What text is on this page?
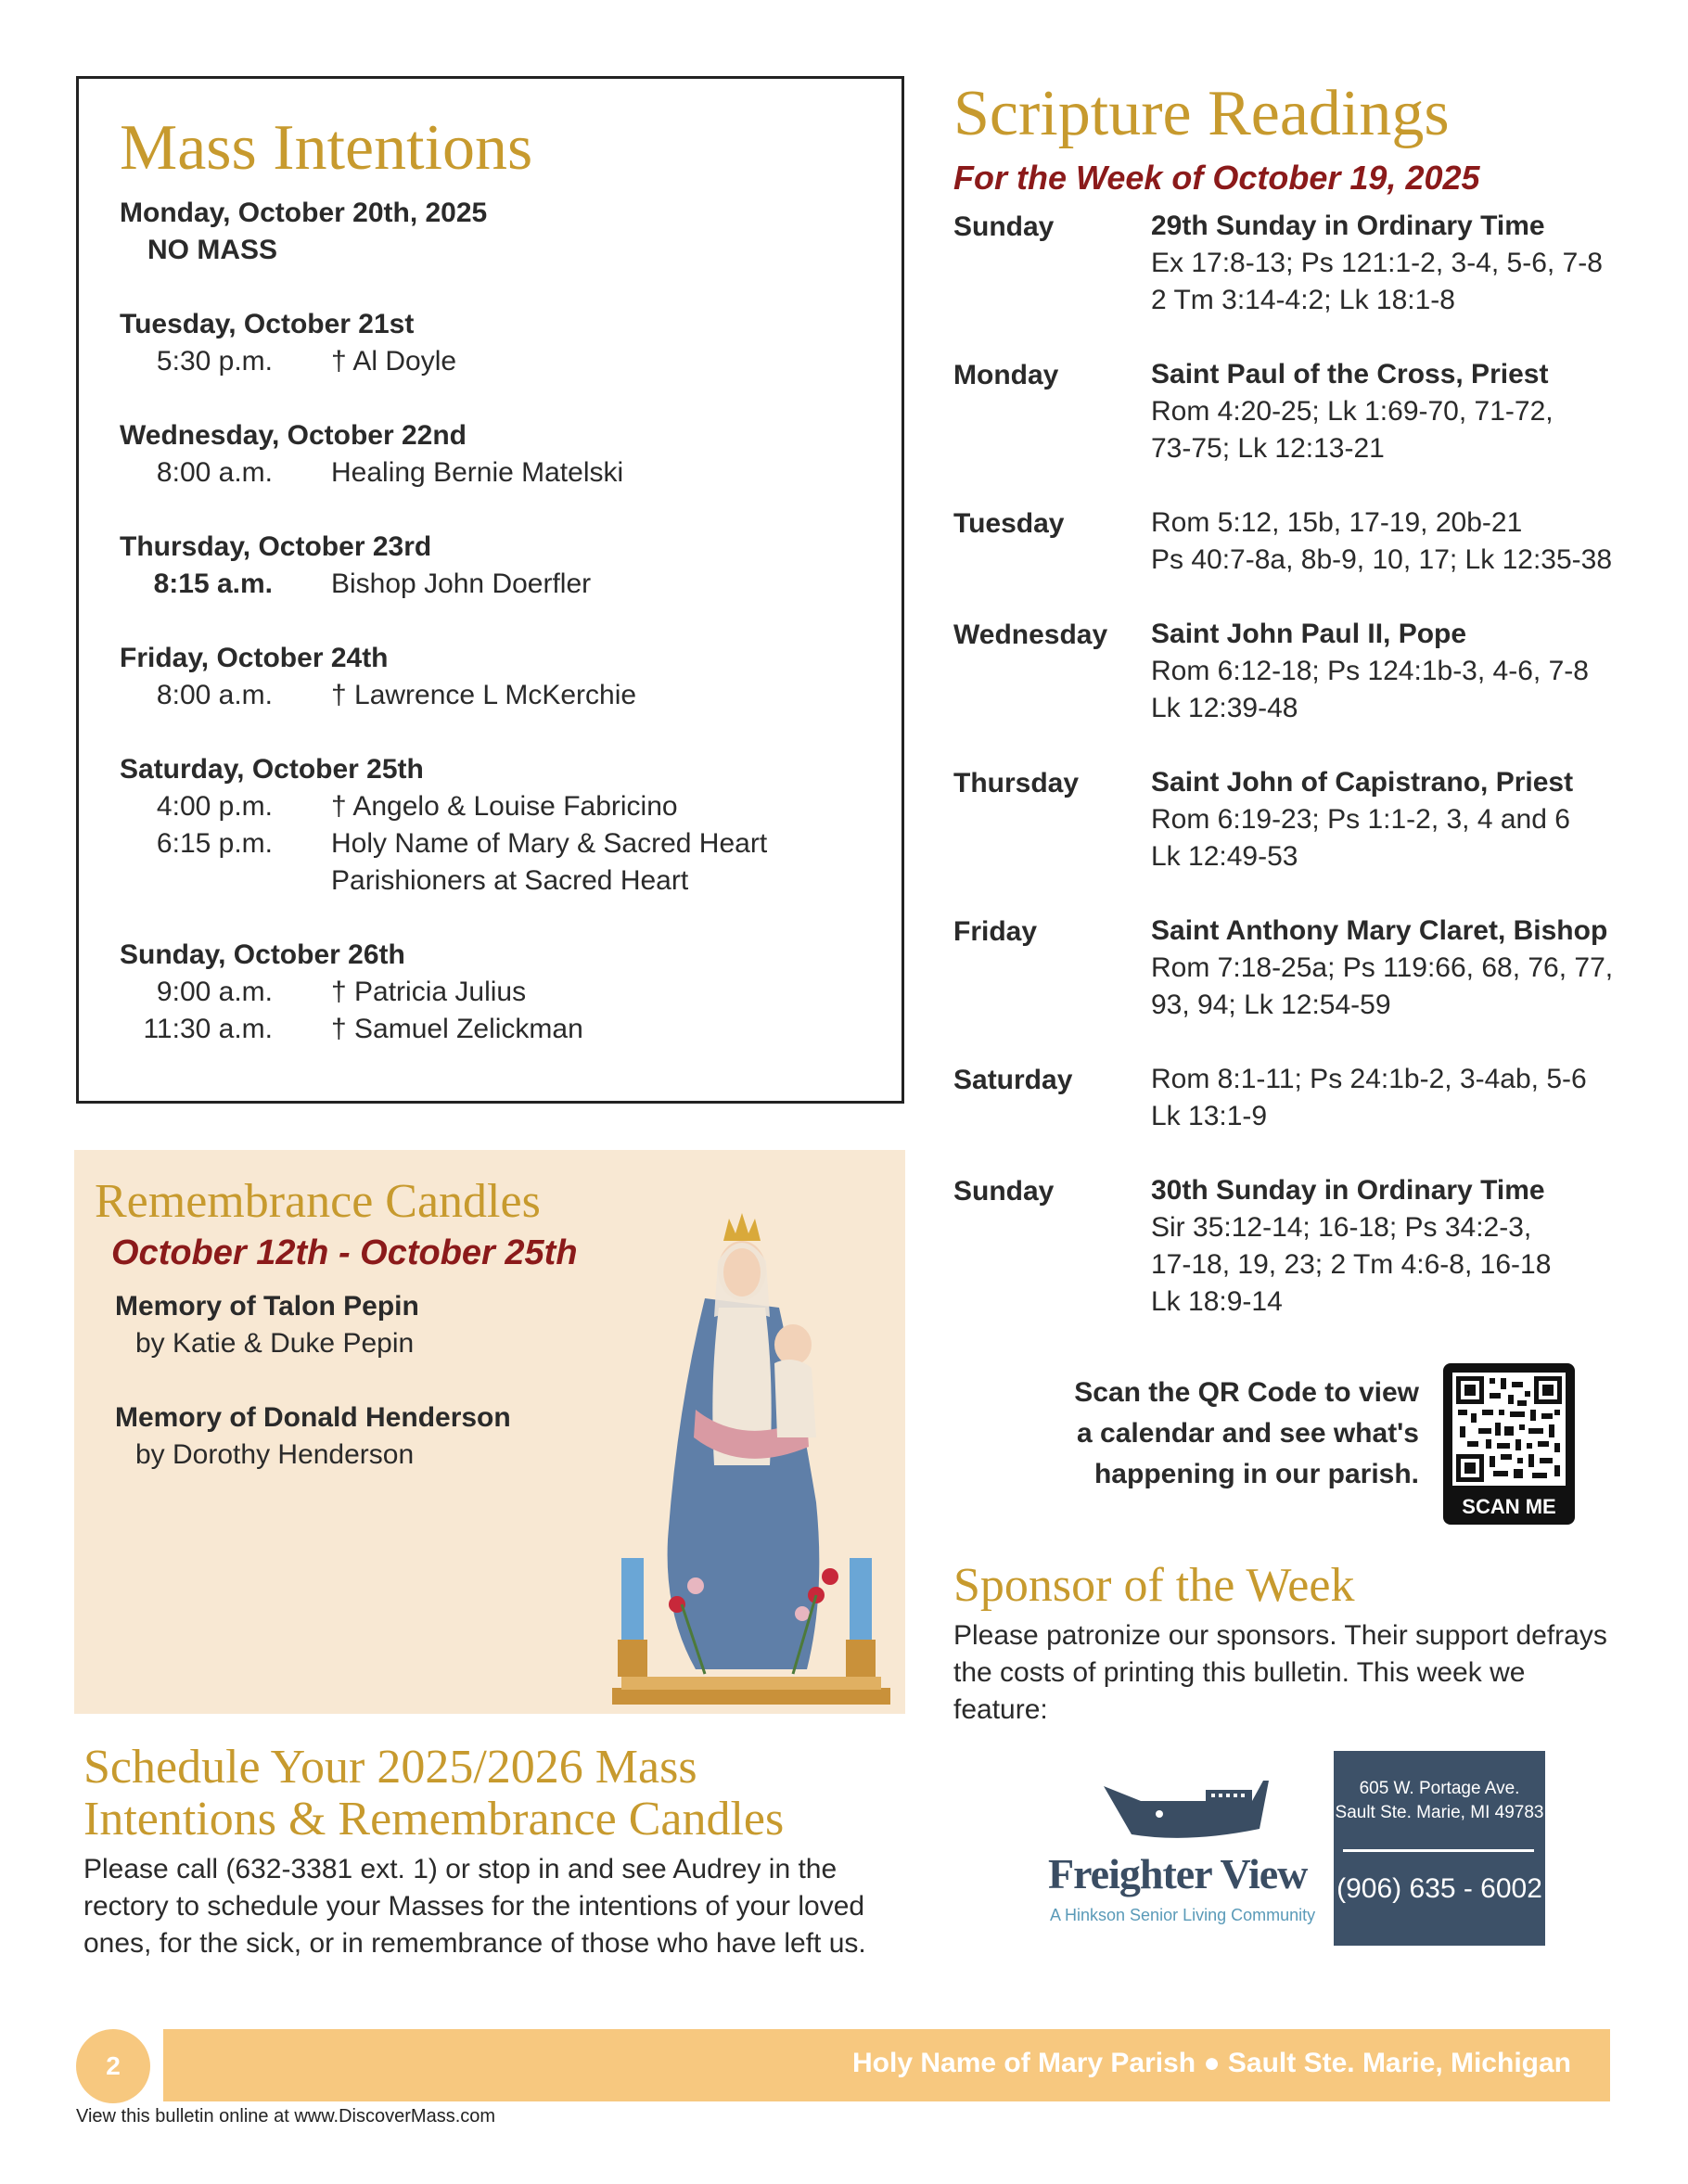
Mass Intentions
Monday, October 20th, 2025
NO MASS
Tuesday, October 21st
5:30 p.m. † Al Doyle
Wednesday, October 22nd
8:00 a.m. Healing Bernie Matelski
Thursday, October 23rd
8:15 a.m. Bishop John Doerfler
Friday, October 24th
8:00 a.m. † Lawrence L McKerchie
Saturday, October 25th
4:00 p.m. † Angelo & Louise Fabricino
6:15 p.m. Holy Name of Mary & Sacred Heart
Parishioners at Sacred Heart
Sunday, October 26th
9:00 a.m. † Patricia Julius
11:30 a.m. † Samuel Zelickman
Remembrance Candles
October 12th - October 25th
Memory of Talon Pepin
by Katie & Duke Pepin
Memory of Donald Henderson
by Dorothy Henderson
Schedule Your 2025/2026 Mass
Intentions & Remembrance Candles

Please call (632-3381 ext. 1) or stop in and see Audrey in the rectory to schedule your Masses for the intentions of your loved ones, for the sick, or in remembrance of those who have left us.

Scripture Readings
For the Week of October 19, 2025
Sunday	29th Sunday in Ordinary Time
Ex 17:8-13; Ps 121:1-2, 3-4, 5-6, 7-8
2 Tm 3:14-4:2; Lk 18:1-8
Monday	Saint Paul of the Cross, Priest
Rom 4:20-25; Lk 1:69-70, 71-72,
73-75; Lk 12:13-21
Tuesday	Rom 5:12, 15b, 17-19, 20b-21
Ps 40:7-8a, 8b-9, 10, 17; Lk 12:35-38
Wednesday Saint John Paul II, Pope
Rom 6:12-18; Ps 124:1b-3, 4-6, 7-8
Lk 12:39-48
Thursday	Saint John of Capistrano, Priest
Rom 6:19-23; Ps 1:1-2, 3, 4 and 6
Lk 12:49-53
Friday	Saint Anthony Mary Claret, Bishop
Rom 7:18-25a; Ps 119:66, 68, 76, 77,
93, 94; Lk 12:54-59
Saturday	Rom 8:1-11; Ps 24:1b-2, 3-4ab, 5-6
Lk 13:1-9
Sunday	30th Sunday in Ordinary Time
Sir 35:12-14; 16-18; Ps 34:2-3,
17-18, 19, 23; 2 Tm 4:6-8, 16-18
Lk 18:9-14
Scan the QR Code to view
a calendar and see what's
happening in our parish.
SCAN ME
Sponsor of the Week

Please patronize our sponsors. Their support defrays the costs of printing this bulletin. This week we feature:

Freighter View
A Hinkson Senior Living Community
605 W. Portage Ave.
Sault Ste. Marie, MI 49783
(906) 635 - 6002
2	Holy Name of Mary Parish ● Sault Ste. Marie, Michigan
View this bulletin online at www.DiscoverMass.com
